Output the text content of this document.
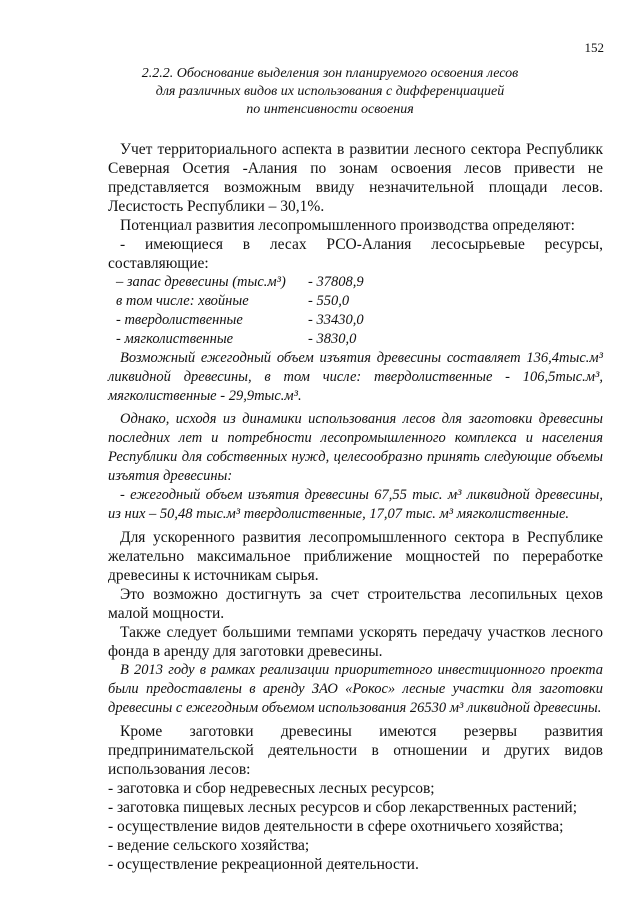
152
2.2.2. Обоснование выделения зон планируемого освоения лесов
для различных видов их использования с дифференциацией
по интенсивности освоения

Учет территориального аспекта в развитии лесного сектора Республикк Северная Осетия -Алания по зонам освоения лесов привести не представляется возможным ввиду незначительной площади лесов. Лесистость Республики – 30,1%.

Потенциал развития лесопромышленного производства определяют:

- имеющиеся в лесах РСО-Алания лесосырьевые ресурсы, составляющие:

– запас древесины (тыс.м³)	- 37808,9
в том числе: хвойные	- 550,0
- твердолиственные	- 33430,0
- мягколиственные	- 3830,0

Возможный ежегодный объем изъятия древесины составляет 136,4тыс.м³ ликвидной древесины, в том числе: твердолиственные - 106,5тыс.м³, мягколиственные - 29,9тыс.м³.

Однако, исходя из динамики использования лесов для заготовки древесины последних лет и потребности лесопромышленного комплекса и населения Республики для собственных нужд, целесообразно принять следующие объемы изъятия древесины:

- ежегодный объем изъятия древесины 67,55 тыс. м³ ликвидной древесины, из них – 50,48 тыс.м³ твердолиственные, 17,07 тыс. м³ мягколиственные.

Для ускоренного развития лесопромышленного сектора в Республике желательно максимальное приближение мощностей по переработке древесины к источникам сырья.

Это возможно достигнуть за счет строительства лесопильных цехов малой мощности.

Также следует большими темпами ускорять передачу участков лесного фонда в аренду для заготовки древесины.

В 2013 году в рамках реализации приоритетного инвестиционного проекта были предоставлены в аренду ЗАО «Рокос» лесные участки для заготовки древесины с ежегодным объемом использования 26530 м³ ликвидной древесины.

Кроме заготовки древесины имеются резервы развития предпринимательской деятельности в отношении и других видов использования лесов:

- заготовка и сбор недревесных лесных ресурсов;
- заготовка пищевых лесных ресурсов и сбор лекарственных растений;
- осуществление видов деятельности в сфере охотничьего хозяйства;
- ведение сельского хозяйства;
- осуществление рекреационной деятельности.
